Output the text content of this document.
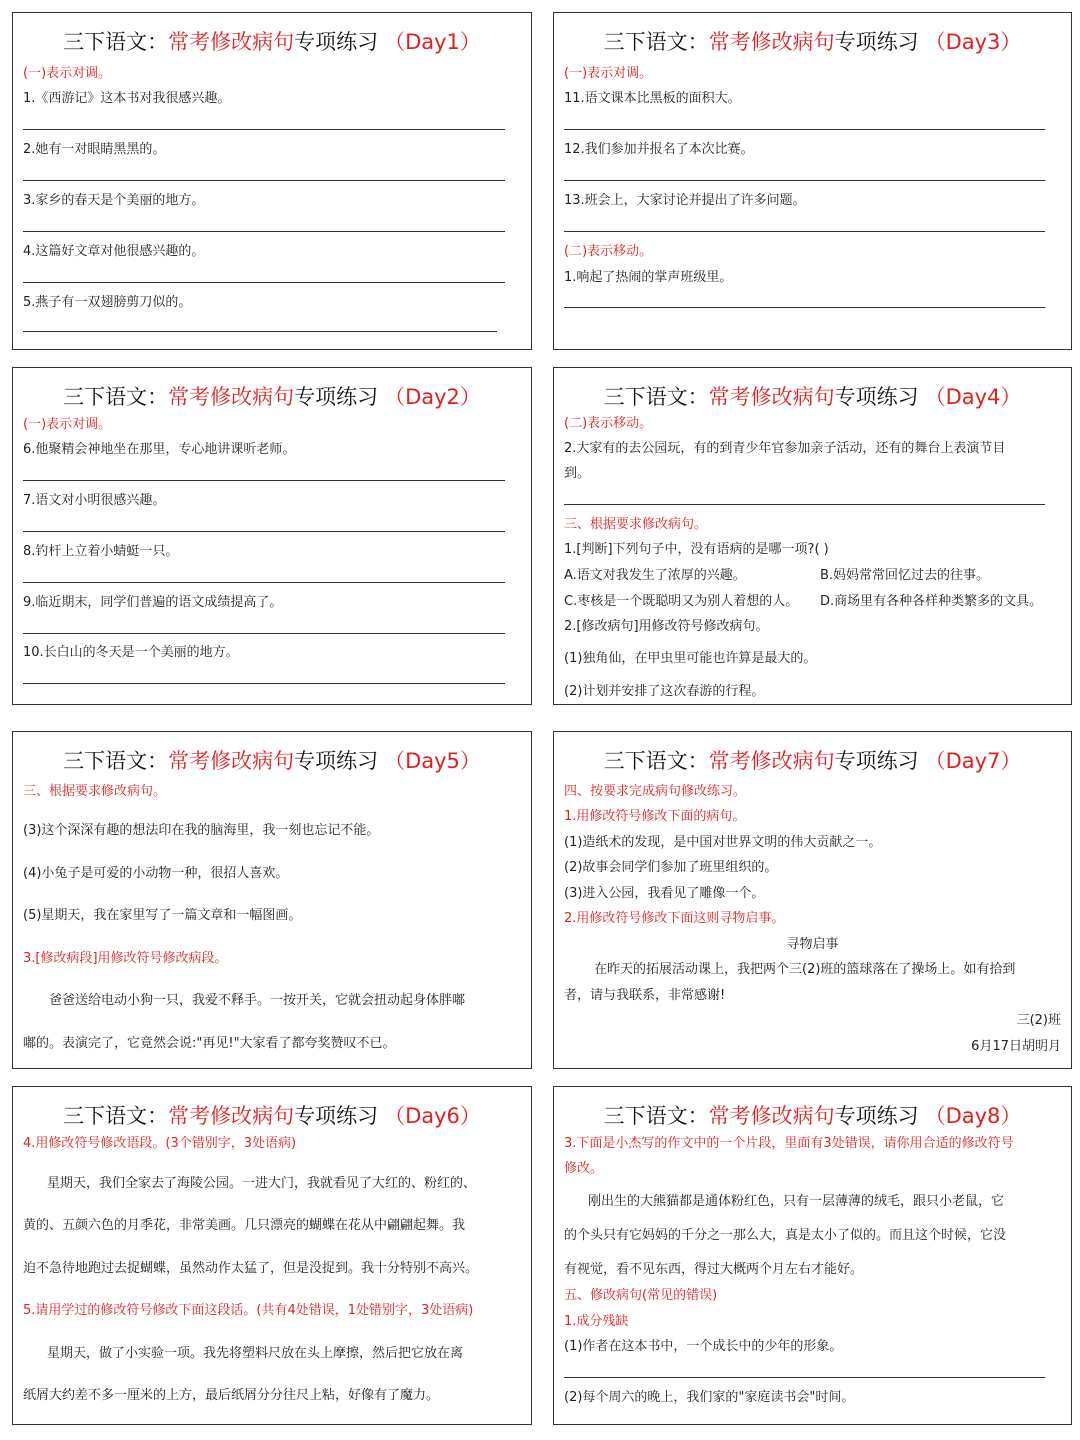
三下语文：常考修改病句专项练习 （Day1）
(一)表示对调。
1.《西游记》这本书对我很感兴趣。
2.她有一对眼睛黑黑的。
3.家乡的春天是个美丽的地方。
4.这篇好文章对他很感兴趣的。
5.燕子有一双翅膀剪刀似的。
三下语文：常考修改病句专项练习 （Day3）
(一)表示对调。
11.语文课本比黑板的面积大。
12.我们参加并报名了本次比赛。
13.班会上，大家讨论并提出了许多问题。
(二)表示移动。
1.响起了热闹的掌声班级里。
三下语文：常考修改病句专项练习 （Day2）
(一)表示对调。
6.他聚精会神地坐在那里，专心地讲课听老师。
7.语文对小明很感兴趣。
8.钓杆上立着小蜻蜓一只。
9.临近期末，同学们普遍的语文成绩提高了。
10.长白山的冬天是一个美丽的地方。
三下语文：常考修改病句专项练习 （Day4）
(二)表示移动。
2.大家有的去公园玩，有的到青少年官参加亲子活动，还有的舞台上表演节目
到。
三、根据要求修改病句。
1.[判断]下列句子中，没有语病的是哪一项?( )
A.语文对我发生了浓厚的兴趣。	B.妈妈常常回忆过去的往事。
C.枣核是一个既聪明又为别人着想的人。 D.商场里有各种各样种类繁多的文具。
2.[修改病句]用修改符号修改病句。
(1)独角仙，在甲虫里可能也许算是最大的。
(2)计划并安排了这次春游的行程。
三下语文：常考修改病句专项练习 （Day5）
三、根据要求修改病句。
(3)这个深深有趣的想法印在我的脑海里，我一刻也忘记不能。
(4)小兔子是可爱的小动物一种，很招人喜欢。
(5)星期天，我在家里写了一篇文章和一幅图画。
3.[修改病段]用修改符号修改病段。
爸爸送给电动小狗一只，我爱不释手。一按开关，它就会扭动起身体胖嘟
嘟的。表演完了，它竟然会说:"再见!"大家看了都夸奖赞叹不已。
三下语文：常考修改病句专项练习 （Day7）
四、按要求完成病句修改练习。
1.用修改符号修改下面的病句。
(1)造纸术的发现，是中国对世界文明的伟大贡献之一。
(2)故事会同学们参加了班里组织的。
(3)进入公园，我看见了雕像一个。
2.用修改符号修改下面这则寻物启事。
寻物启事
在昨天的拓展活动课上，我把两个三(2)班的篮球落在了操场上。如有拾到
者，请与我联系，非常感谢!
三(2)班
6月17日胡明月
三下语文：常考修改病句专项练习 （Day6）
4.用修改符号修改语段。(3个错别字，3处语病)
星期天，我们全家去了海陵公园。一进大门，我就看见了大红的、粉红的、
黄的、五颜六色的月季花，非常美画。几只漂亮的蝴蝶在花从中翩翩起舞。我
迫不急待地跑过去捉蝴蝶，虽然动作太猛了，但是没捉到。我十分特别不高兴。
5.请用学过的修改符号修改下面这段话。(共有4处错误，1处错别字，3处语病)
星期天，做了小实验一项。我先将塑料尺放在头上摩擦，然后把它放在离
纸屑大约差不多一厘米的上方，最后纸屑分分往尺上粘，好像有了魔力。
三下语文：常考修改病句专项练习 （Day8）
3.下面是小杰写的作文中的一个片段，里面有3处错误，请你用合适的修改符号
修改。
刚出生的大熊猫都是通体粉红色，只有一层薄薄的绒毛，跟只小老鼠，它
的个头只有它妈妈的千分之一那么大，真是太小了似的。而且这个时候，它没
有视觉，看不见东西，得过大概两个月左右才能好。
五、修改病句(常见的错误)
1.成分残缺
(1)作者在这本书中，一个成长中的少年的形象。
(2)每个周六的晚上，我们家的"家庭读书会"时间。
